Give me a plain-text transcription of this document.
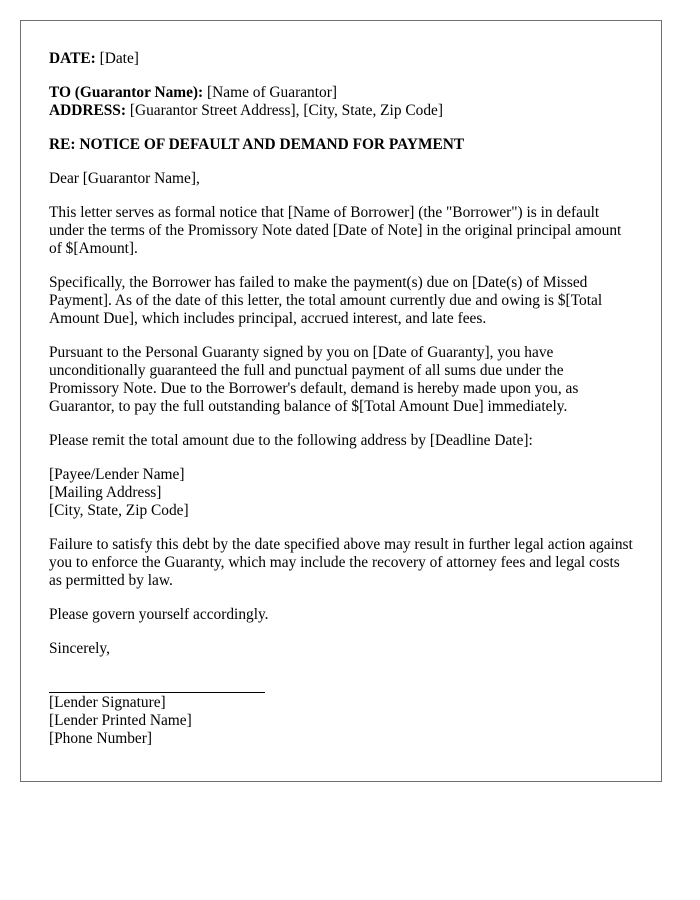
DATE: [Date]

TO (Guarantor Name): [Name of Guarantor]
ADDRESS: [Guarantor Street Address], [City, State, Zip Code]

RE: NOTICE OF DEFAULT AND DEMAND FOR PAYMENT

Dear [Guarantor Name],

This letter serves as formal notice that [Name of Borrower] (the "Borrower") is in default under the terms of the Promissory Note dated [Date of Note] in the original principal amount of $[Amount].

Specifically, the Borrower has failed to make the payment(s) due on [Date(s) of Missed Payment]. As of the date of this letter, the total amount currently due and owing is $[Total Amount Due], which includes principal, accrued interest, and late fees.

Pursuant to the Personal Guaranty signed by you on [Date of Guaranty], you have unconditionally guaranteed the full and punctual payment of all sums due under the Promissory Note. Due to the Borrower's default, demand is hereby made upon you, as Guarantor, to pay the full outstanding balance of $[Total Amount Due] immediately.

Please remit the total amount due to the following address by [Deadline Date]:

[Payee/Lender Name]
[Mailing Address]
[City, State, Zip Code]

Failure to satisfy this debt by the date specified above may result in further legal action against you to enforce the Guaranty, which may include the recovery of attorney fees and legal costs as permitted by law.

Please govern yourself accordingly.

Sincerely,

[Lender Signature]
[Lender Printed Name]
[Phone Number]
